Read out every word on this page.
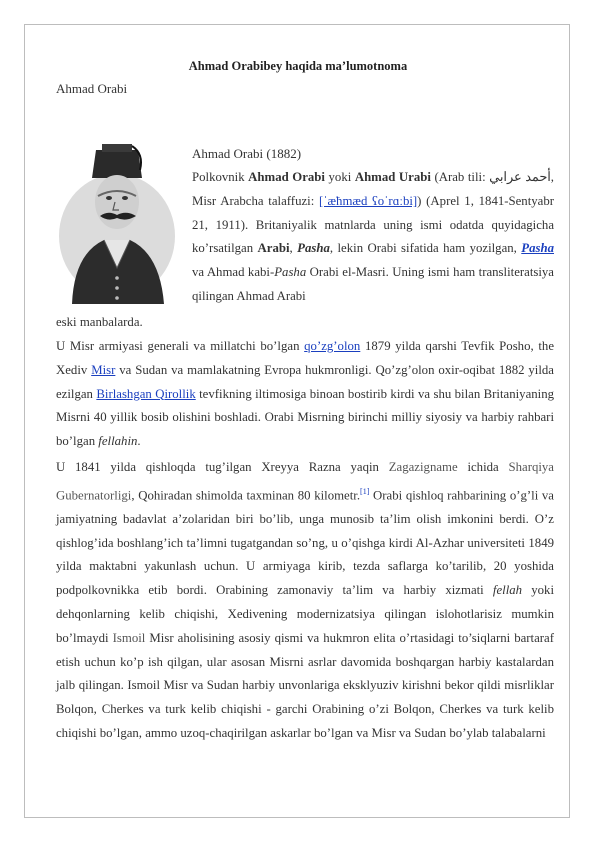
Ahmad Orabibey haqida maʼlumotnoma
Ahmad Orabi
Ahmad Orabi (1882)

Polkovnik Ahmad Orabi yoki Ahmad Urabi (Arab tili: أحمد عرابي, Misr Arabcha talaffuzi: [ˈæħmæd ʕoˈrɑːbi]) (Aprel 1, 1841-Sentyabr 21, 1911). Britaniyalik matnlarda uning ismi odatda quyidagicha ko’rsatilgan Arabi, Pasha, lekin Orabi sifatida ham yozilgan, Pasha va Ahmad kabi-Pasha Orabi el-Masri. Uning ismi ham transliteratsiya qilingan Ahmad Arabi

eski manbalarda.

U Misr armiyasi generali va millatchi bo’lgan qo’zg’olon 1879 yilda qarshi Tevfik Posho, the Xediv Misr va Sudan va mamlakatning Evropa hukmronligi. Qo’zg’olon oxir-oqibat 1882 yilda ezilgan Birlashgan Qirollik tevfikning iltimosiga binoan bostirib kirdi va shu bilan Britaniyaning Misrni 40 yillik bosib olishini boshladi. Orabi Misrning birinchi milliy siyosiy va harbiy rahbari bo’lgan fellahin.

U 1841 yilda qishloqda tug’ilgan Xreyya Razna yaqin Zagazigname ichida Sharqiya Gubernatorligi, Qohiradan shimolda taxminan 80 kilometr.[1] Orabi qishloq rahbarining o’g’li va jamiyatning badavlat a’zolaridan biri bo’lib, unga munosib ta’lim olish imkonini berdi. O’z qishlog’ida boshlang’ich ta’limni tugatgandan so’ng, u o’qishga kirdi Al-Azhar universiteti 1849 yilda maktabni yakunlash uchun. U armiyaga kirib, tezda saflarga ko’tarilib, 20 yoshida podpolkovnikka etib bordi. Orabining zamonaviy ta’lim va harbiy xizmati fellah yoki dehqonlarning kelib chiqishi, Xedivening modernizatsiya qilingan islohotlarisiz mumkin bo’lmaydi Ismoil Misr aholisining asosiy qismi va hukmron elita o’rtasidagi to’siqlarni bartaraf etish uchun ko’p ish qilgan, ular asosan Misrni asrlar davomida boshqargan harbiy kastalardan jalb qilingan. Ismoil Misr va Sudan harbiy unvonlariga eksklyuziv kirishni bekor qildi misrliklar Bolqon, Cherkes va turk kelib chiqishi - garchi Orabining o’zi Bolqon, Cherkes va turk kelib chiqishi bo’lgan, ammo uzoq-chaqirilgan askarlar bo’lgan va Misr va Sudan bo’ylab talabalarni
